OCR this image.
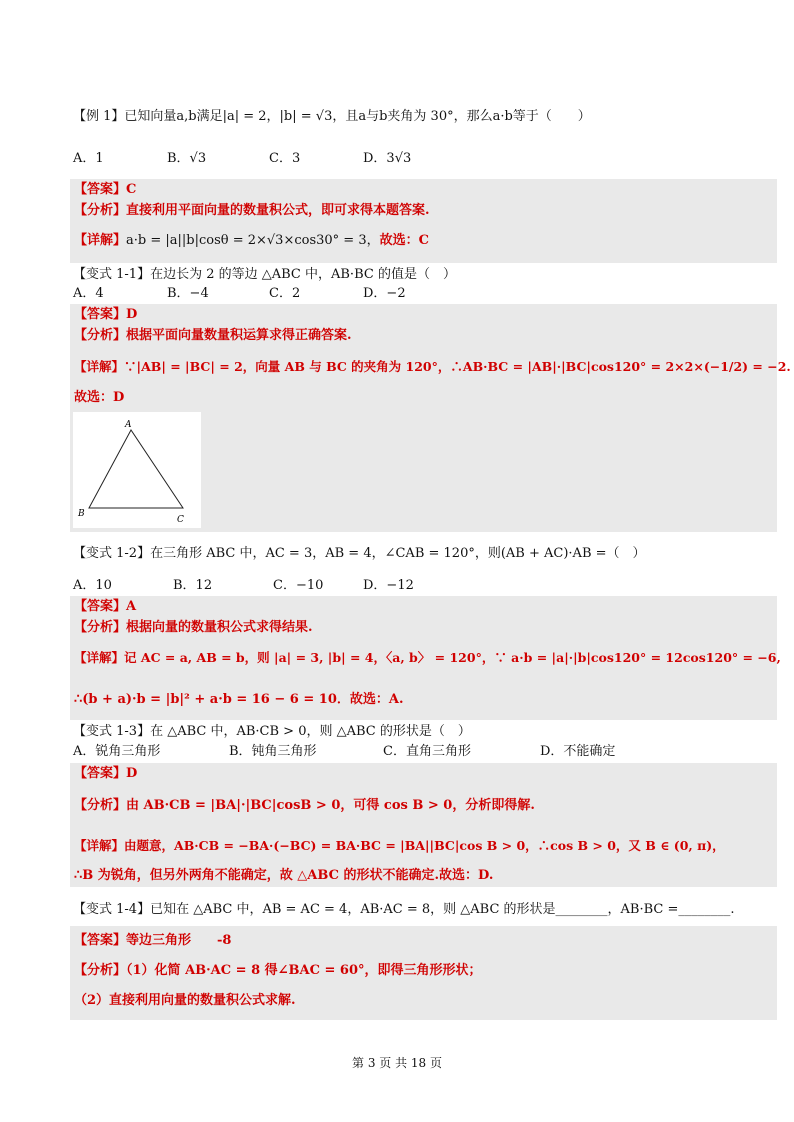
【例 1】已知向量a,b满足|a| = 2，|b| = √3，且a与b夹角为 30°，那么a·b等于（　　）
A．1	B．√3	C．3	D．3√3
【答案】C
【分析】直接利用平面向量的数量积公式，即可求得本题答案.
【详解】a·b = |a||b|cosθ = 2×√3×cos30° = 3，故选：C
【变式 1-1】在边长为 2 的等边 △ABC 中，AB·BC 的值是（　）
A．4	B．−4	C．2	D．−2
【答案】D
【分析】根据平面向量数量积运算求得正确答案.
【详解】∵|AB| = |BC| = 2，向量 AB 与 BC 的夹角为 120°，∴AB·BC = |AB|·|BC|cos120° = 2×2×(−1/2) = −2.
故选：D
A
B
C
【变式 1-2】在三角形 ABC 中，AC = 3，AB = 4，∠CAB = 120°，则(AB + AC)·AB =（　）
A．10	B．12	C．−10	D．−12
【答案】A
【分析】根据向量的数量积公式求得结果.
【详解】记 AC = a, AB = b，则 |a| = 3, |b| = 4，〈a, b〉 = 120°，∵ a·b = |a|·|b|cos120° = 12cos120° = −6,
∴(b + a)·b = |b|² + a·b = 16 − 6 = 10．故选：A.
【变式 1-3】在 △ABC 中，AB·CB > 0，则 △ABC 的形状是（　）
A．锐角三角形	B．钝角三角形	C．直角三角形	D．不能确定
【答案】D
【分析】由 AB·CB = |BA|·|BC|cosB > 0，可得 cos B > 0，分析即得解.
【详解】由题意，AB·CB = −BA·(−BC) = BA·BC = |BA||BC|cos B > 0，∴cos B > 0，又 B ∈ (0, π)，
∴B 为锐角，但另外两角不能确定，故 △ABC 的形状不能确定.故选：D.
【变式 1-4】已知在 △ABC 中，AB = AC = 4，AB·AC = 8，则 △ABC 的形状是________，AB·BC =________.
【答案】等边三角形　　-8
【分析】（1）化简 AB·AC = 8 得∠BAC = 60°，即得三角形形状；
（2）直接利用向量的数量积公式求解.
第 3 页 共 18 页
